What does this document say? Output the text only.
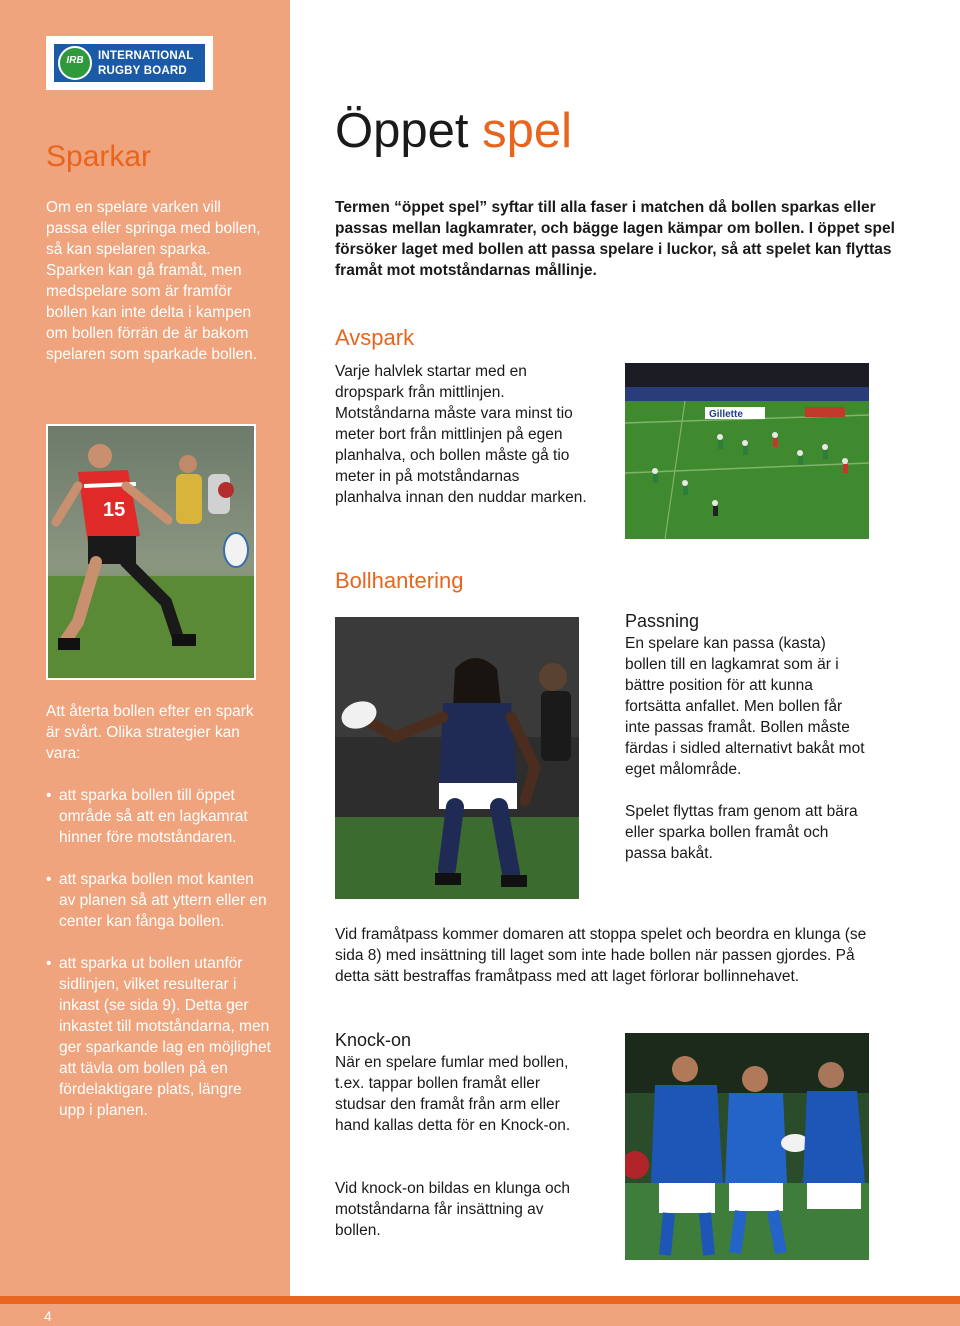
IRB	INTERNATIONAL
RUGBY BOARD
Sparkar

Om en spelare varken vill passa eller springa med bollen, så kan spelaren sparka. Sparken kan gå framåt, men medspelare som är framför bollen kan inte delta i kampen om bollen förrän de är bakom spelaren som sparkade bollen.

15

Att återta bollen efter en spark är svårt. Olika strategier kan vara:

• att sparka bollen till öppet område så att en lagkamrat hinner före motståndaren.
• att sparka bollen mot kanten av planen så att yttern eller en center kan fånga bollen.
• att sparka ut bollen utanför sidlinjen, vilket resulterar i inkast (se sida 9). Detta ger inkastet till motståndarna, men ger sparkande lag en möjlighet att tävla om bollen på en fördelaktigare plats, längre upp i planen.
Öppet spel

Termen “öppet spel” syftar till alla faser i matchen då bollen sparkas eller passas mellan lagkamrater, och bägge lagen kämpar om bollen. I öppet spel försöker laget med bollen att passa spelare i luckor, så att spelet kan flyttas framåt mot motståndarnas mållinje.

Avspark

Varje halvlek startar med en dropspark från mittlinjen. Motståndarna måste vara minst tio meter bort från mittlinjen på egen planhalva, och bollen måste gå tio meter in på motståndarnas planhalva innan den nuddar marken.

Gillette
Bollhantering
Passning

En spelare kan passa (kasta) bollen till en lagkamrat som är i bättre position för att kunna fortsätta anfallet. Men bollen får inte passas framåt. Bollen måste färdas i sidled alternativt bakåt mot eget målområde.

Spelet flyttas fram genom att bära eller sparka bollen framåt och passa bakåt.

Vid framåtpass kommer domaren att stoppa spelet och beordra en klunga (se sida 8) med insättning till laget som inte hade bollen när passen gjordes. På detta sätt bestraffas framåtpass med att laget förlorar bollinnehavet.

Knock-on

När en spelare fumlar med bollen, t.ex. tappar bollen framåt eller studsar den framåt från arm eller hand kallas detta för en Knock-on.

Vid knock-on bildas en klunga och motståndarna får insättning av bollen.

4
